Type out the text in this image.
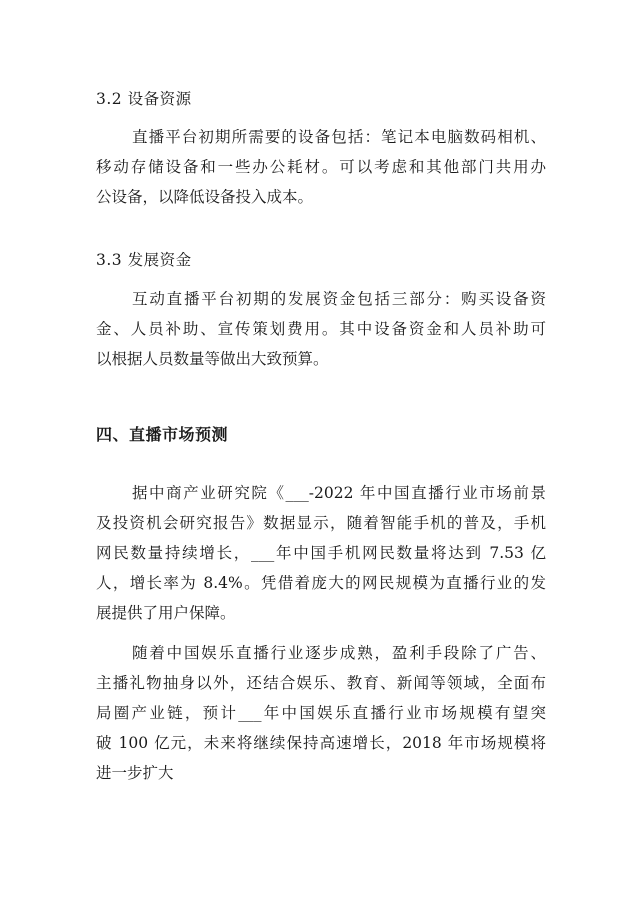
3.2 设备资源
直播平台初期所需要的设备包括：笔记本电脑数码相机、
移动存储设备和一些办公耗材。可以考虑和其他部门共用办
公设备，以降低设备投入成本。
3.3 发展资金
互动直播平台初期的发展资金包括三部分：购买设备资
金、人员补助、宣传策划费用。其中设备资金和人员补助可
以根据人员数量等做出大致预算。
四、直播市场预测
据中商产业研究院《___-2022 年中国直播行业市场前景
及投资机会研究报告》数据显示，随着智能手机的普及，手机
网民数量持续增长，___年中国手机网民数量将达到 7.53 亿
人，增长率为 8.4%。凭借着庞大的网民规模为直播行业的发
展提供了用户保障。
随着中国娱乐直播行业逐步成熟，盈利手段除了广告、
主播礼物抽身以外，还结合娱乐、教育、新闻等领域，全面布
局圈产业链，预计___年中国娱乐直播行业市场规模有望突
破 100 亿元，未来将继续保持高速增长，2018 年市场规模将
进一步扩大
